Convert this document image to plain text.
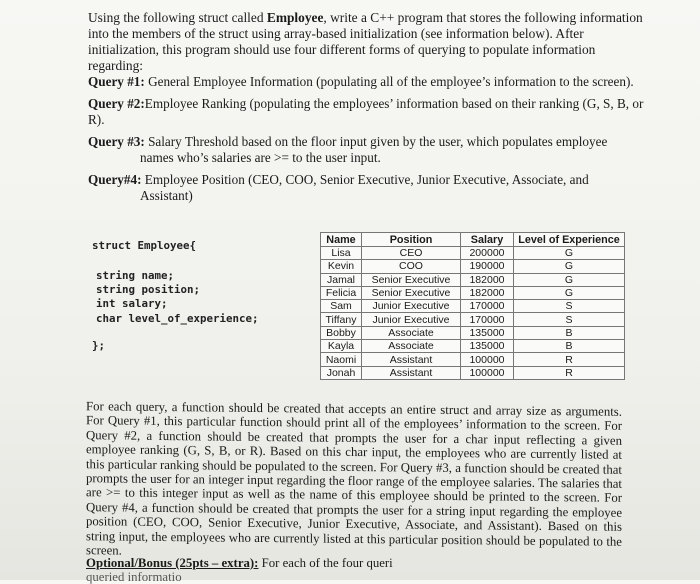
Using the following struct called Employee, write a C++ program that stores the following information into the members of the struct using array-based initialization (see information below). After initialization, this program should use four different forms of querying to populate information regarding:

Query #1: General Employee Information (populating all of the employee’s information to the screen).

Query #2:Employee Ranking (populating the employees’ information based on their ranking (G, S, B, or R).

Query #3: Salary Threshold based on the floor input given by the user, which populates employee
names who’s salaries are >= to the user input.

Query#4: Employee Position (CEO, COO, Senior Executive, Junior Executive, Associate, and
Assistant)

struct Employee{
string name;
string position;
int salary;
char level_of_experience;
};
Name	Position	Salary	Level of Experience
Lisa	CEO	200000	G
Kevin	COO	190000	G
Jamal	Senior Executive	182000	G
Felicia	Senior Executive	182000	G
Sam	Junior Executive	170000	S
Tiffany	Junior Executive	170000	S
Bobby	Associate	135000	B
Kayla	Associate	135000	B
Naomi	Assistant	100000	R
Jonah	Assistant	100000	R

For each query, a function should be created that accepts an entire struct and array size as arguments. For Query #1, this particular function should print all of the employees’ information to the screen. For Query #2, a function should be created that prompts the user for a char input reflecting a given employee ranking (G, S, B, or R). Based on this char input, the employees who are currently listed at this particular ranking should be populated to the screen. For Query #3, a function should be created that prompts the user for an integer input regarding the floor range of the employee salaries. The salaries that are >= to this integer input as well as the name of this employee should be printed to the screen. For Query #4, a function should be created that prompts the user for a string input regarding the employee position (CEO, COO, Senior Executive, Junior Executive, Associate, and Assistant). Based on this string input, the employees who are currently listed at this particular position should be populated to the screen.

Optional/Bonus (25pts – extra): For each of the four queri
queried informatio
